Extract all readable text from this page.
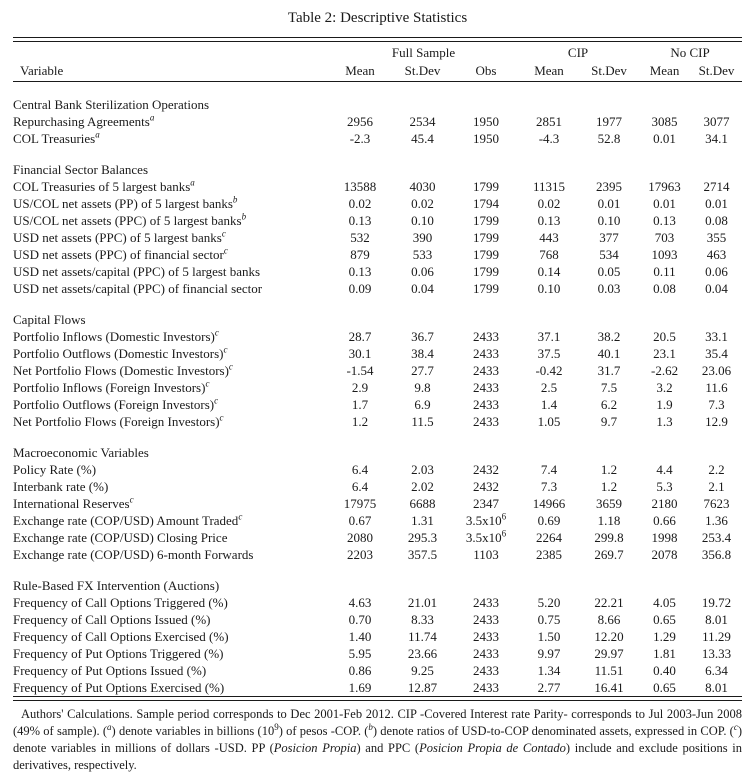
Table 2: Descriptive Statistics
	Full Sample			CIP		No CIP	
Variable	Mean	St.Dev	Obs	Mean	St.Dev	Mean	St.Dev

Central Bank Sterilization Operations							
Repurchasing Agreements$^a$	2956	2534	1950	2851	1977	3085	3077
COL Treasuries$^a$	-2.3	45.4	1950	-4.3	52.8	0.01	34.1

Financial Sector Balances							
COL Treasuries of 5 largest banks$^a$	13588	4030	1799	11315	2395	17963	2714
US/COL net assets (PP) of 5 largest banks$^b$	0.02	0.02	1794	0.02	0.01	0.01	0.01
US/COL net assets (PPC) of 5 largest banks$^b$	0.13	0.10	1799	0.13	0.10	0.13	0.08
USD net assets (PPC) of 5 largest banks$^c$	532	390	1799	443	377	703	355
USD net assets (PPC) of financial sector$^c$	879	533	1799	768	534	1093	463
USD net assets/capital (PPC) of 5 largest banks	0.13	0.06	1799	0.14	0.05	0.11	0.06
USD net assets/capital (PPC) of financial sector	0.09	0.04	1799	0.10	0.03	0.08	0.04

Capital Flows							
Portfolio Inflows (Domestic Investors)$^c$	28.7	36.7	2433	37.1	38.2	20.5	33.1
Portfolio Outflows (Domestic Investors)$^c$	30.1	38.4	2433	37.5	40.1	23.1	35.4
Net Portfolio Flows (Domestic Investors)$^c$	-1.54	27.7	2433	-0.42	31.7	-2.62	23.06
Portfolio Inflows (Foreign Investors)$^c$	2.9	9.8	2433	2.5	7.5	3.2	11.6
Portfolio Outflows (Foreign Investors)$^c$	1.7	6.9	2433	1.4	6.2	1.9	7.3
Net Portfolio Flows (Foreign Investors)$^c$	1.2	11.5	2433	1.05	9.7	1.3	12.9

Macroeconomic Variables							
Policy Rate (%)	6.4	2.03	2432	7.4	1.2	4.4	2.2
Interbank rate (%)	6.4	2.02	2432	7.3	1.2	5.3	2.1
International Reserves$^c$	17975	6688	2347	14966	3659	2180	7623
Exchange rate (COP/USD) Amount Traded$^c$	0.67	1.31	$3.5x10^6$	0.69	1.18	0.66	1.36
Exchange rate (COP/USD) Closing Price	2080	295.3	$3.5x10^6$	2264	299.8	1998	253.4
Exchange rate (COP/USD) 6-month Forwards	2203	357.5	1103	2385	269.7	2078	356.8

Rule-Based FX Intervention (Auctions)							
Frequency of Call Options Triggered (%)	4.63	21.01	2433	5.20	22.21	4.05	19.72
Frequency of Call Options Issued (%)	0.70	8.33	2433	0.75	8.66	0.65	8.01
Frequency of Call Options Exercised (%)	1.40	11.74	2433	1.50	12.20	1.29	11.29
Frequency of Put Options Triggered (%)	5.95	23.66	2433	9.97	29.97	1.81	13.33
Frequency of Put Options Issued (%)	0.86	9.25	2433	1.34	11.51	0.40	6.34
Frequency of Put Options Exercised (%)	1.69	12.87	2433	2.77	16.41	0.65	8.01
Authors' Calculations. Sample period corresponds to Dec 2001-Feb 2012. CIP -Covered Interest rate Parity- corresponds to Jul 2003-Jun 2008 (49% of sample). ($^a$) denote variables in billions $(10^9)$ of pesos -COP. ($^b$) denote ratios of USD-to-COP denominated assets, expressed in COP. ($^c$) denote variables in millions of dollars -USD. PP (Posicion Propia) and PPC (Posicion Propia de Contado) include and exclude positions in derivatives, respectively.
